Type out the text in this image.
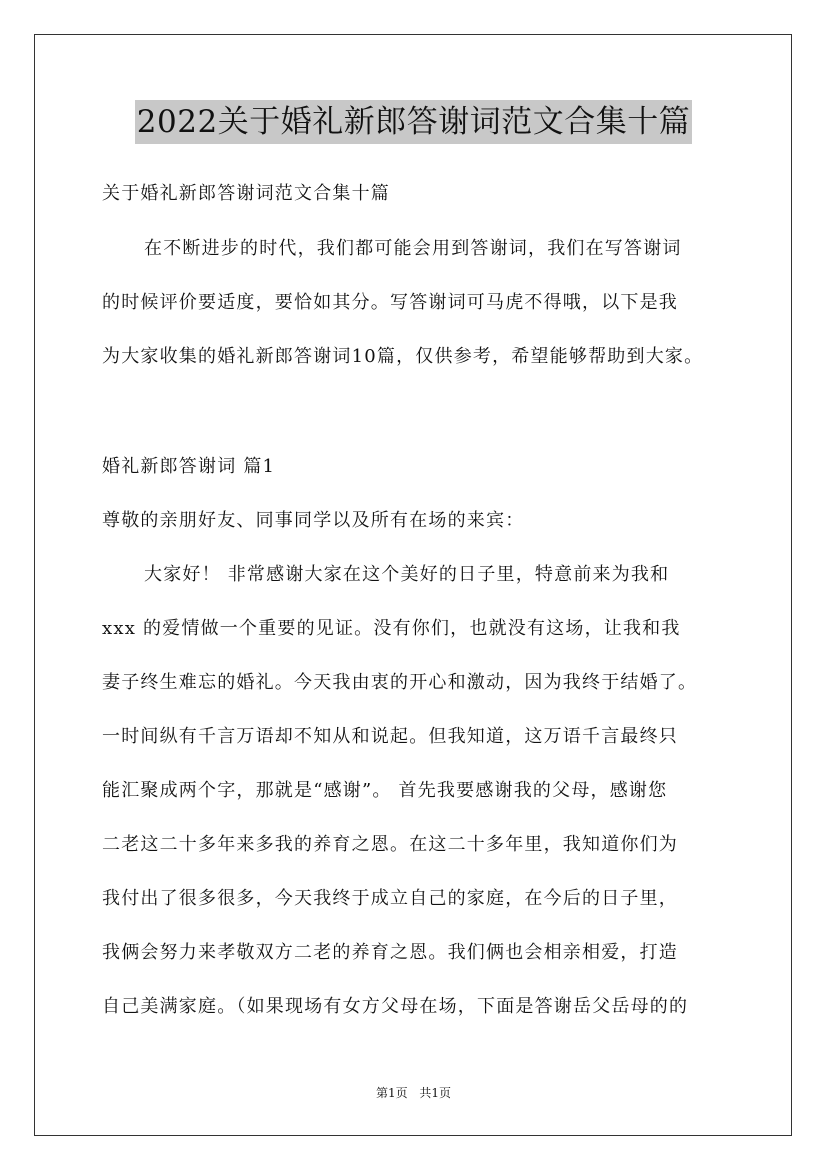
2022关于婚礼新郎答谢词范文合集十篇
关于婚礼新郎答谢词范文合集十篇
在不断进步的时代，我们都可能会用到答谢词，我们在写答谢词
的时候评价要适度，要恰如其分。写答谢词可马虎不得哦，以下是我
为大家收集的婚礼新郎答谢词10篇，仅供参考，希望能够帮助到大家。
婚礼新郎答谢词 篇1
尊敬的亲朋好友、同事同学以及所有在场的来宾：
大家好！ 非常感谢大家在这个美好的日子里，特意前来为我和
xxx 的爱情做一个重要的见证。没有你们，也就没有这场，让我和我
妻子终生难忘的婚礼。今天我由衷的开心和激动，因为我终于结婚了。
一时间纵有千言万语却不知从和说起。但我知道，这万语千言最终只
能汇聚成两个字，那就是“感谢”。 首先我要感谢我的父母，感谢您
二老这二十多年来多我的养育之恩。在这二十多年里，我知道你们为
我付出了很多很多，今天我终于成立自己的家庭，在今后的日子里，
我俩会努力来孝敬双方二老的养育之恩。我们俩也会相亲相爱，打造
自己美满家庭。（如果现场有女方父母在场，下面是答谢岳父岳母的的
第1页 共1页
